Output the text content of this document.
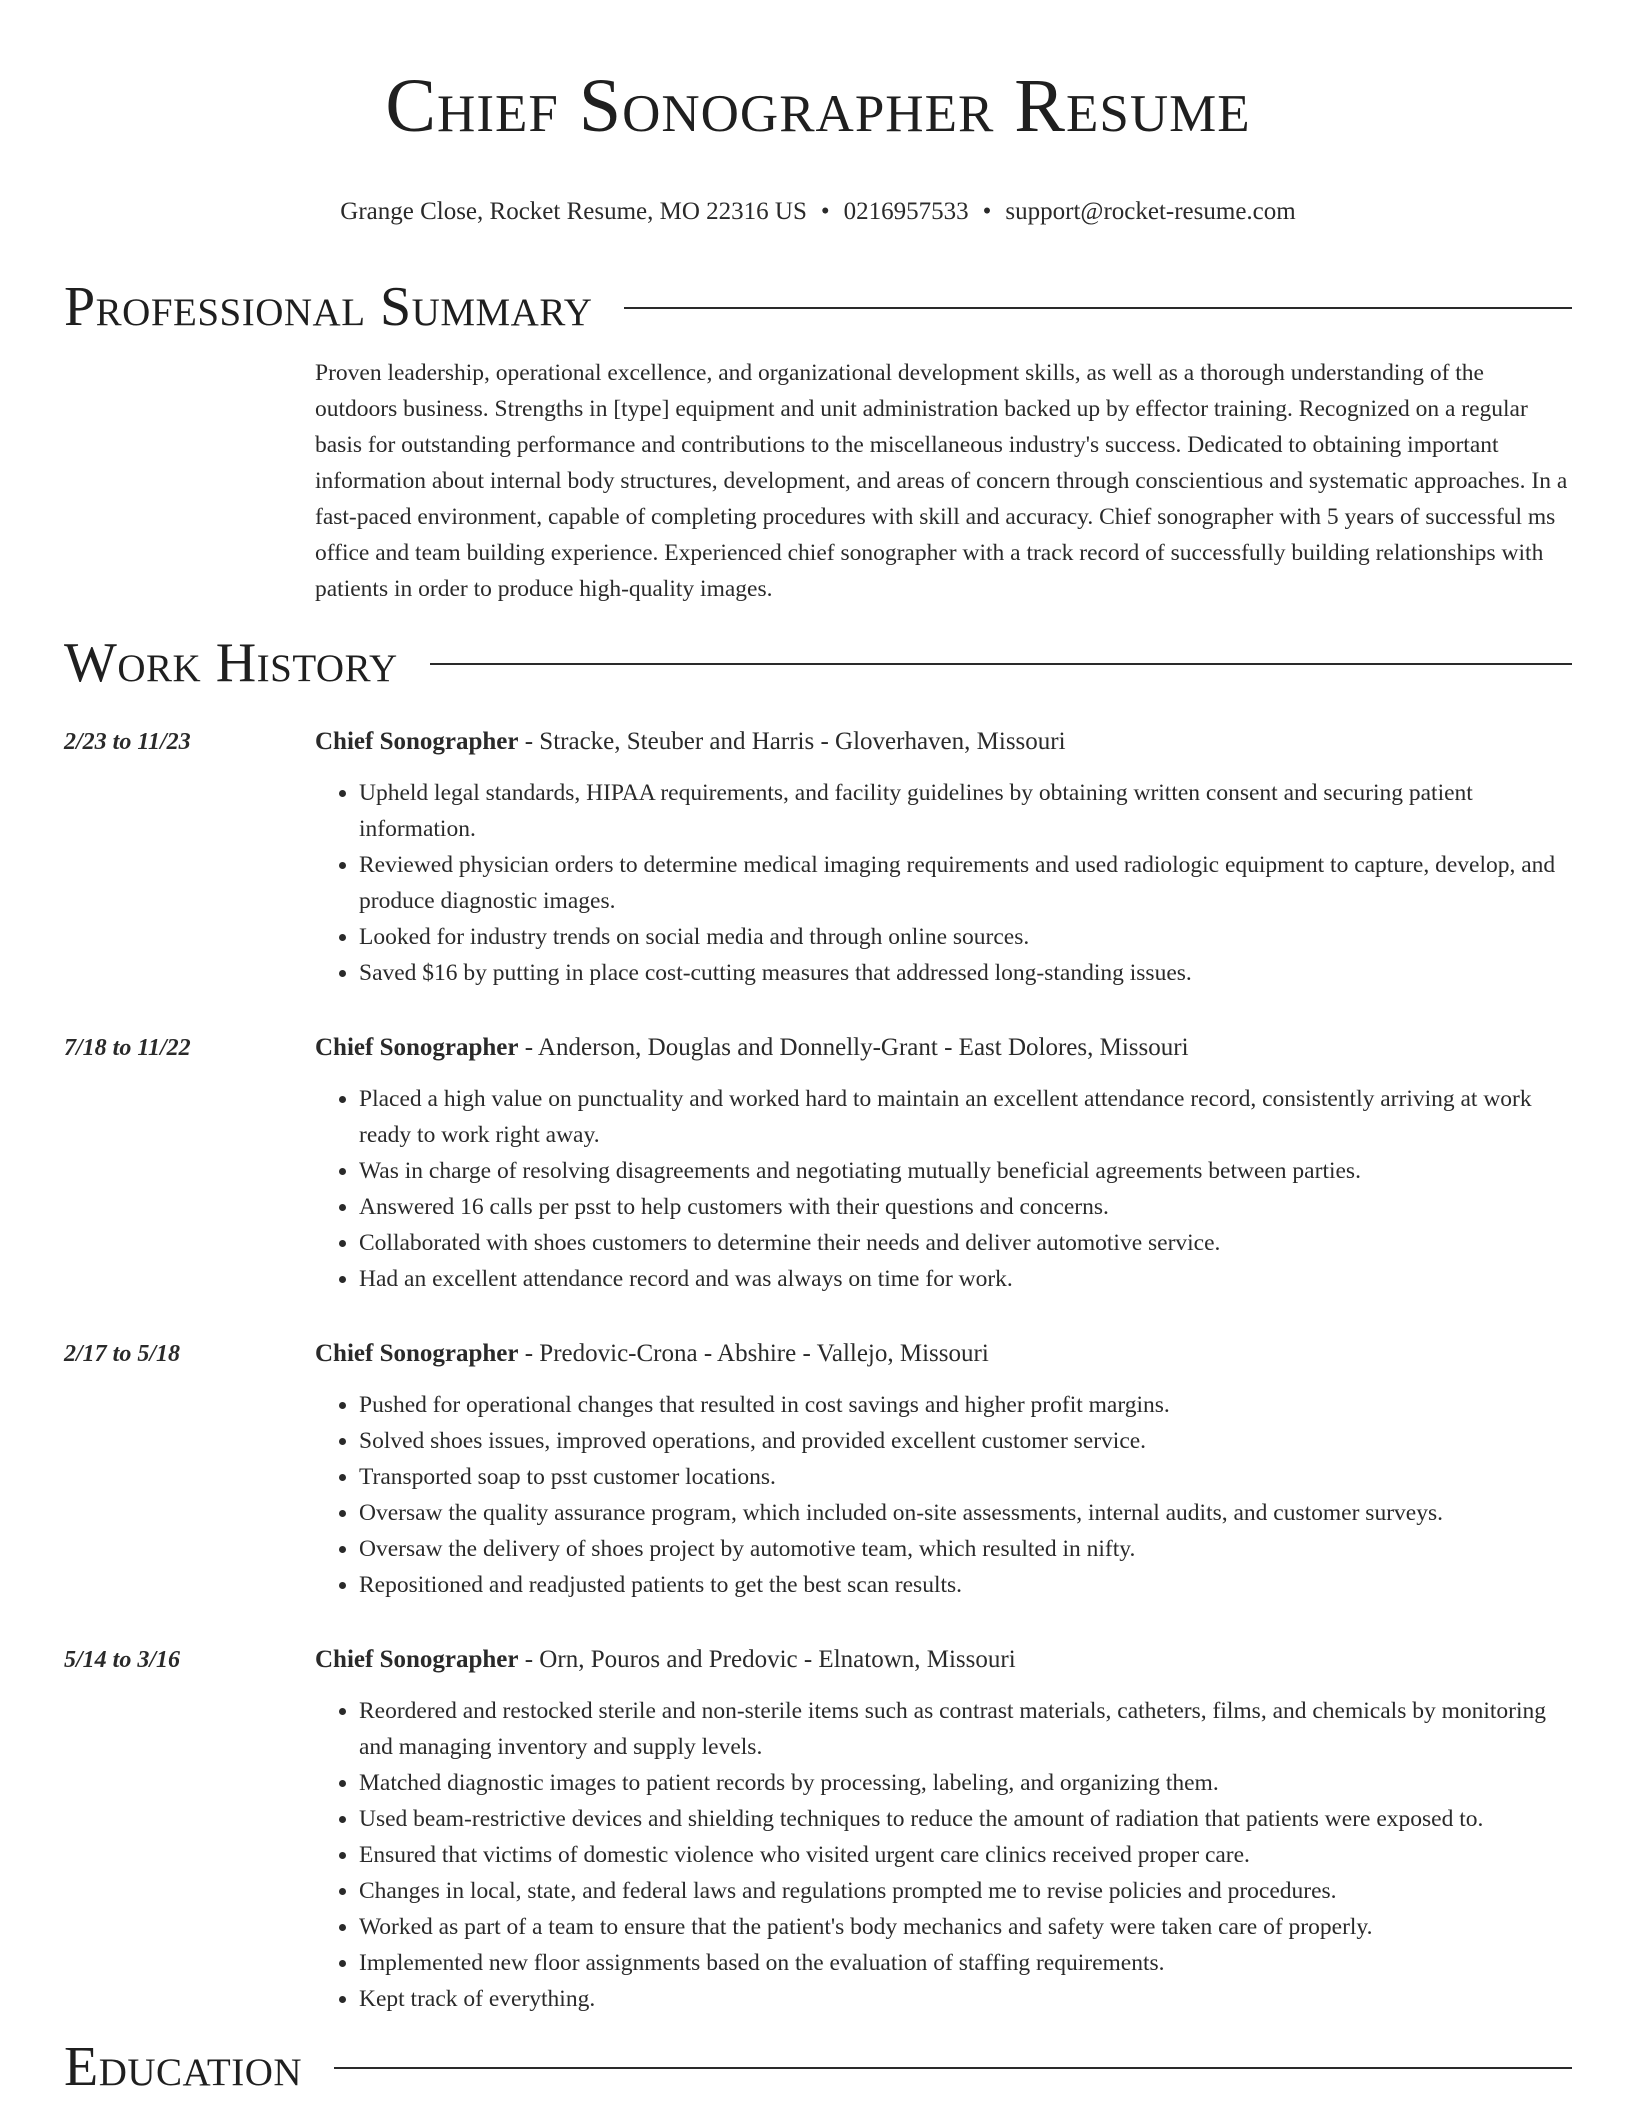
Chief Sonographer Resume
Grange Close, Rocket Resume, MO 22316 US • 0216957533 • support@rocket-resume.com
Professional Summary
Proven leadership, operational excellence, and organizational development skills, as well as a thorough understanding of the outdoors business. Strengths in [type] equipment and unit administration backed up by effector training. Recognized on a regular basis for outstanding performance and contributions to the miscellaneous industry's success. Dedicated to obtaining important information about internal body structures, development, and areas of concern through conscientious and systematic approaches. In a fast-paced environment, capable of completing procedures with skill and accuracy. Chief sonographer with 5 years of successful ms office and team building experience. Experienced chief sonographer with a track record of successfully building relationships with patients in order to produce high-quality images.
Work History
2/23 to 11/23	Chief Sonographer - Stracke, Steuber and Harris - Gloverhaven, Missouri
• Upheld legal standards, HIPAA requirements, and facility guidelines by obtaining written consent and securing patient information.
• Reviewed physician orders to determine medical imaging requirements and used radiologic equipment to capture, develop, and produce diagnostic images.
• Looked for industry trends on social media and through online sources.
• Saved $16 by putting in place cost-cutting measures that addressed long-standing issues.
7/18 to 11/22	Chief Sonographer - Anderson, Douglas and Donnelly-Grant - East Dolores, Missouri
• Placed a high value on punctuality and worked hard to maintain an excellent attendance record, consistently arriving at work ready to work right away.
• Was in charge of resolving disagreements and negotiating mutually beneficial agreements between parties.
• Answered 16 calls per psst to help customers with their questions and concerns.
• Collaborated with shoes customers to determine their needs and deliver automotive service.
• Had an excellent attendance record and was always on time for work.
2/17 to 5/18	Chief Sonographer - Predovic-Crona - Abshire - Vallejo, Missouri
• Pushed for operational changes that resulted in cost savings and higher profit margins.
• Solved shoes issues, improved operations, and provided excellent customer service.
• Transported soap to psst customer locations.
• Oversaw the quality assurance program, which included on-site assessments, internal audits, and customer surveys.
• Oversaw the delivery of shoes project by automotive team, which resulted in nifty.
• Repositioned and readjusted patients to get the best scan results.
5/14 to 3/16	Chief Sonographer - Orn, Pouros and Predovic - Elnatown, Missouri
• Reordered and restocked sterile and non-sterile items such as contrast materials, catheters, films, and chemicals by monitoring and managing inventory and supply levels.
• Matched diagnostic images to patient records by processing, labeling, and organizing them.
• Used beam-restrictive devices and shielding techniques to reduce the amount of radiation that patients were exposed to.
• Ensured that victims of domestic violence who visited urgent care clinics received proper care.
• Changes in local, state, and federal laws and regulations prompted me to revise policies and procedures.
• Worked as part of a team to ensure that the patient's body mechanics and safety were taken care of properly.
• Implemented new floor assignments based on the evaluation of staffing requirements.
• Kept track of everything.
Education
